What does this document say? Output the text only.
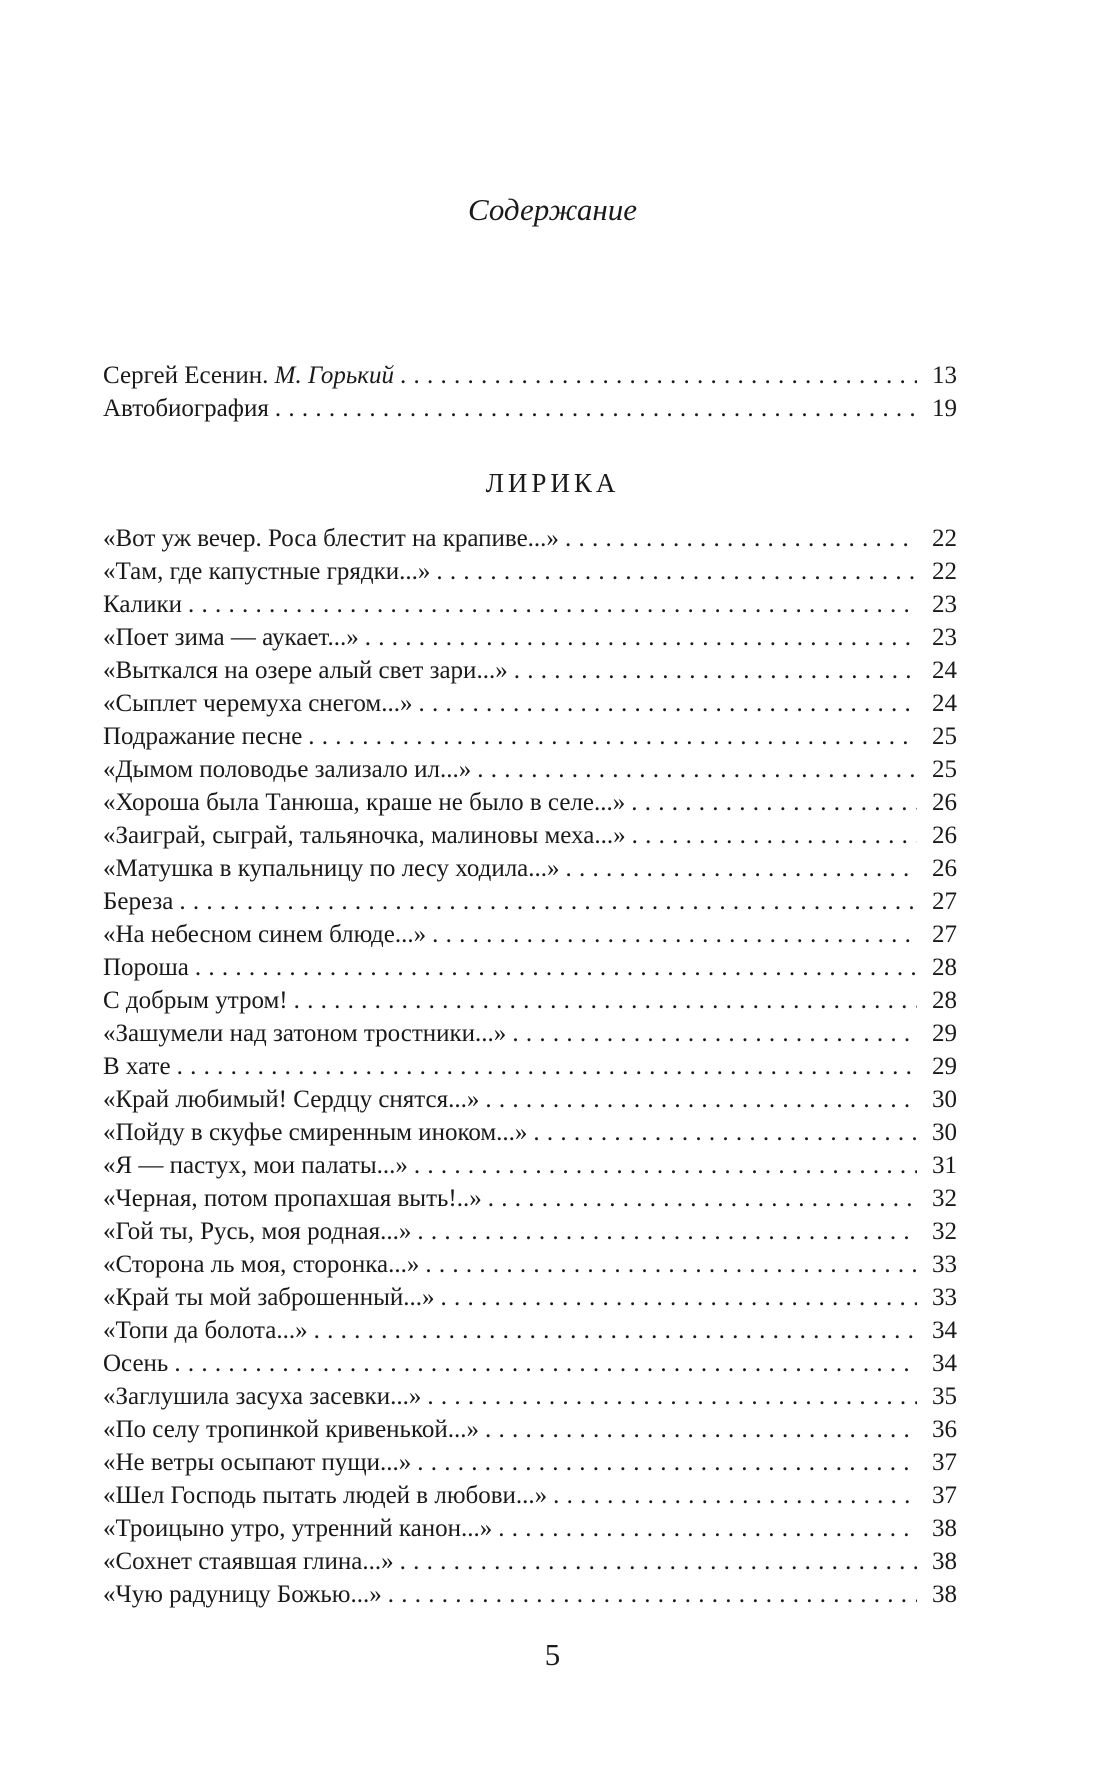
Содержание
Сергей Есенин. М. Горький . . .	13
Автобиография . . .	19
ЛИРИКА
«Вот уж вечер. Роса блестит на крапиве...» . . .	22
«Там, где капустные грядки...» . . .	22
Калики . . .	23
«Поет зима — аукает...» . . .	23
«Выткался на озере алый свет зари...» . . .	24
«Сыплет черемуха снегом...» . . .	24
Подражание песне . . .	25
«Дымом половодье зализало ил...» . . .	25
«Хороша была Танюша, краше не было в селе...» . . .	26
«Заиграй, сыграй, тальяночка, малиновы меха...» . . .	26
«Матушка в купальницу по лесу ходила...» . . .	26
Береза . . .	27
«На небесном синем блюде...» . . .	27
Пороша . . .	28
С добрым утром! . . .	28
«Зашумели над затоном тростники...» . . .	29
В хате . . .	29
«Край любимый! Сердцу снятся...» . . .	30
«Пойду в скуфье смиренным иноком...» . . .	30
«Я — пастух, мои палаты...» . . .	31
«Черная, потом пропахшая выть!..» . . .	32
«Гой ты, Русь, моя родная...» . . .	32
«Сторона ль моя, сторонка...» . . .	33
«Край ты мой заброшенный...» . . .	33
«Топи да болота...» . . .	34
Осень . . .	34
«Заглушила засуха засевки...» . . .	35
«По селу тропинкой кривенькой...» . . .	36
«Не ветры осыпают пущи...» . . .	37
«Шел Господь пытать людей в любови...» . . .	37
«Троицыно утро, утренний канон...» . . .	38
«Сохнет стаявшая глина...» . . .	38
«Чую радуницу Божью...» . . .	38
5
